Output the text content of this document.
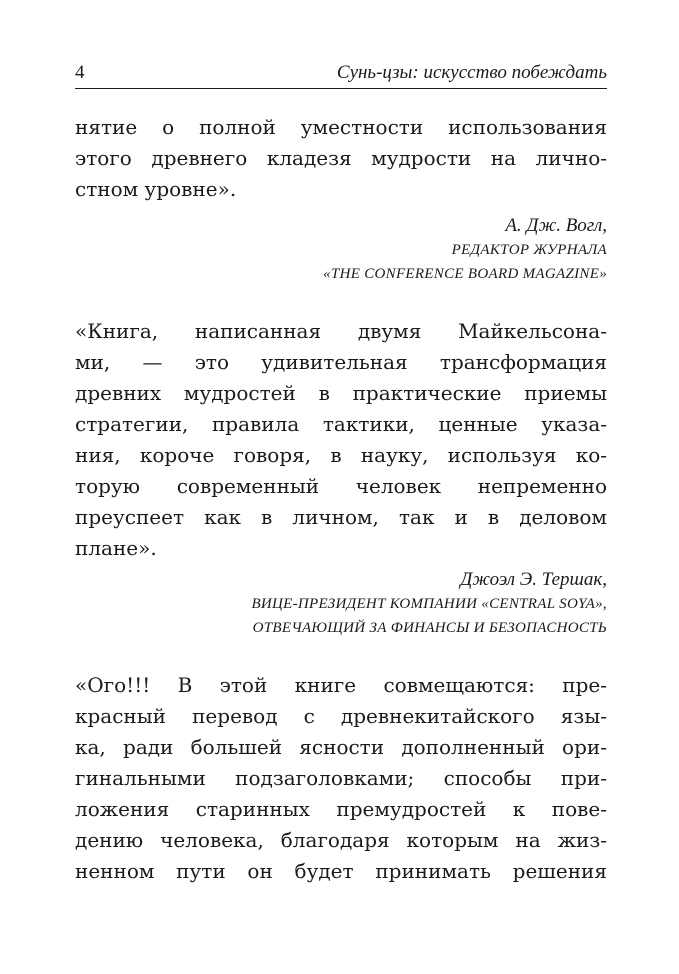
4	Сунь-цзы: искусство побеждать
нятие о полной уместности использования
этого древнего кладезя мудрости на лично-
стном уровне».
А. Дж. Вогл,
РЕДАКТОР ЖУРНАЛА
«THE CONFERENCE BOARD MAGAZINE»
«Книга, написанная двумя Майкельсона-
ми, — это удивительная трансформация
древних мудростей в практические приемы
стратегии, правила тактики, ценные указа-
ния, короче говоря, в науку, используя ко-
торую современный человек непременно
преуспеет как в личном, так и в деловом
плане».
Джоэл Э. Тершак,
ВИЦЕ-ПРЕЗИДЕНТ КОМПАНИИ «CENTRAL SOYA»,
ОТВЕЧАЮЩИЙ ЗА ФИНАНСЫ И БЕЗОПАСНОСТЬ
«Ого!!! В этой книге совмещаются: пре-
красный перевод с древнекитайского язы-
ка, ради большей ясности дополненный ори-
гинальными подзаголовками; способы при-
ложения старинных премудростей к пове-
дению человека, благодаря которым на жиз-
ненном пути он будет принимать решения
